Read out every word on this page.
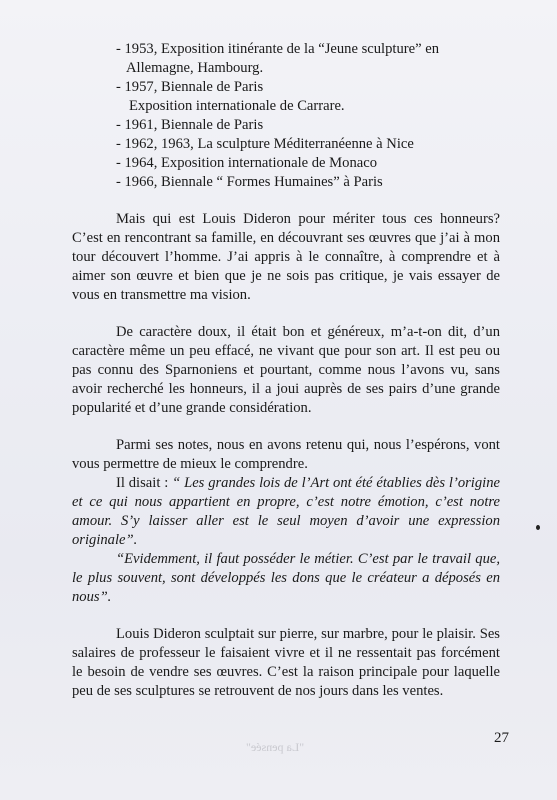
- 1953, Exposition itinérante de la “Jeune sculpture” en
Allemagne, Hambourg.
- 1957, Biennale de Paris
Exposition internationale de Carrare.
- 1961, Biennale de Paris
- 1962, 1963, La sculpture Méditerranéenne à Nice
- 1964, Exposition internationale de Monaco
- 1966, Biennale “ Formes Humaines” à Paris

Mais qui est Louis Dideron pour mériter tous ces honneurs? C’est en rencontrant sa famille, en découvrant ses œuvres que j’ai à mon tour découvert l’homme. J’ai appris à le connaître, à comprendre et à aimer son œuvre et bien que je ne sois pas critique, je vais essayer de vous en transmettre ma vision.

De caractère doux, il était bon et généreux, m’a-t-on dit, d’un caractère même un peu effacé, ne vivant que pour son art. Il est peu ou pas connu des Sparnoniens et pourtant, comme nous l’avons vu, sans avoir recherché les honneurs, il a joui auprès de ses pairs d’une grande popularité et d’une grande considération.

Parmi ses notes, nous en avons retenu qui, nous l’espérons, vont vous permettre de mieux le comprendre.

Il disait : “ Les grandes lois de l’Art ont été établies dès l’origine et ce qui nous appartient en propre, c’est notre émotion, c’est notre amour. S’y laisser aller est le seul moyen d’avoir une expression originale”.

“Evidemment, il faut posséder le métier. C’est par le travail que, le plus souvent, sont développés les dons que le créateur a déposés en nous”.

Louis Dideron sculptait sur pierre, sur marbre, pour le plaisir. Ses salaires de professeur le faisaient vivre et il ne ressentait pas forcément le besoin de vendre ses œuvres. C’est la raison principale pour laquelle peu de ses sculptures se retrouvent de nos jours dans les ventes.

"La pensée"
27
